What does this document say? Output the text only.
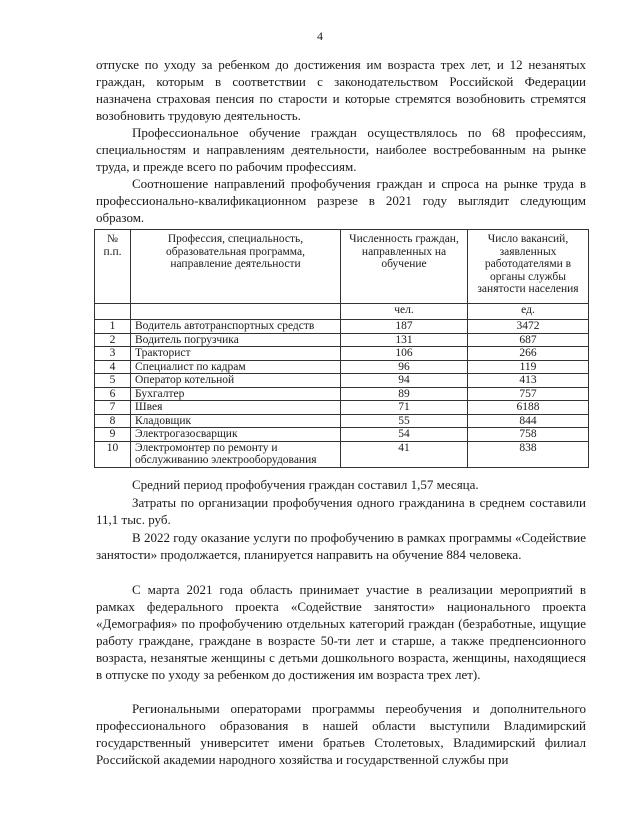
4

отпуске по уходу за ребенком до достижения им возраста трех лет, и 12 незанятых граждан, которым в соответствии с законодательством Российской Федерации назначена страховая пенсия по старости и которые стремятся возобновить стремятся возобновить трудовую деятельность.

Профессиональное обучение граждан осуществлялось по 68 профессиям, специальностям и направлениям деятельности, наиболее востребованным на рынке труда, и прежде всего по рабочим профессиям.

Соотношение направлений профобучения граждан и спроса на рынке труда в профессионально-квалификационном разрезе в 2021 году выглядит следующим образом.

№ п.п.	Профессия, специальность, образовательная программа, направление деятельности	Численность граждан, направленных на обучение	Число вакансий, заявленных работодателями в органы службы занятости населения
		чел.	ед.
1	Водитель автотранспортных средств	187	3472
2	Водитель погрузчика	131	687
3	Тракторист	106	266
4	Специалист по кадрам	96	119
5	Оператор котельной	94	413
6	Бухгалтер	89	757
7	Швея	71	6188
8	Кладовщик	55	844
9	Электрогазосварщик	54	758
10	Электромонтер по ремонту и обслуживанию электрооборудования	41	838

Средний период профобучения граждан составил 1,57 месяца.

Затраты по организации профобучения одного гражданина в среднем составили 11,1 тыс. руб.

В 2022 году оказание услуги по профобучению в рамках программы «Содействие занятости» продолжается, планируется направить на обучение 884 человека.

С марта 2021 года область принимает участие в реализации мероприятий в рамках федерального проекта «Содействие занятости» национального проекта «Демография» по профобучению отдельных категорий граждан (безработные, ищущие работу граждане, граждане в возрасте 50-ти лет и старше, а также предпенсионного возраста, незанятые женщины с детьми дошкольного возраста, женщины, находящиеся в отпуске по уходу за ребенком до достижения им возраста трех лет).

Региональными операторами программы переобучения и дополнительного профессионального образования в нашей области выступили Владимирский государственный университет имени братьев Столетовых, Владимирский филиал Российской академии народного хозяйства и государственной службы при
